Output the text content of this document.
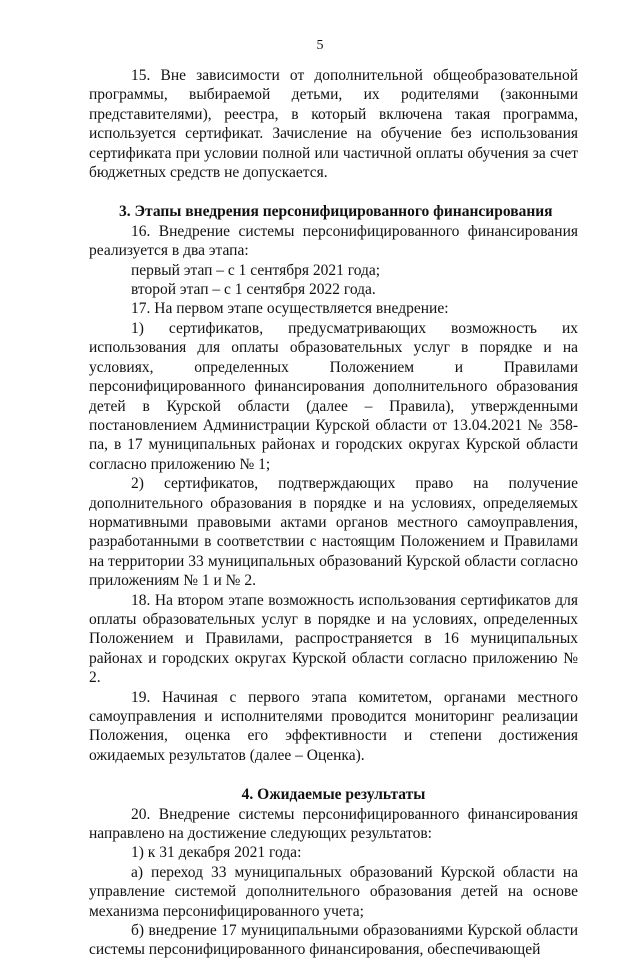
5

15. Вне зависимости от дополнительной общеобразовательной программы, выбираемой детьми, их родителями (законными представителями), реестра, в который включена такая программа, используется сертификат. Зачисление на обучение без использования сертификата при условии полной или частичной оплаты обучения за счет бюджетных средств не допускается.

3. Этапы внедрения персонифицированного финансирования

16. Внедрение системы персонифицированного финансирования реализуется в два этапа:

первый этап – с 1 сентября 2021 года;

второй этап – с 1 сентября 2022 года.

17. На первом этапе осуществляется внедрение:

1) сертификатов, предусматривающих возможность их использования для оплаты образовательных услуг в порядке и на условиях, определенных Положением и Правилами персонифицированного финансирования дополнительного образования детей в Курской области (далее – Правила), утвержденными постановлением Администрации Курской области от 13.04.2021 № 358-па, в 17 муниципальных районах и городских округах Курской области согласно приложению № 1;

2) сертификатов, подтверждающих право на получение дополнительного образования в порядке и на условиях, определяемых нормативными правовыми актами органов местного самоуправления, разработанными в соответствии с настоящим Положением и Правилами на территории 33 муниципальных образований Курской области согласно приложениям № 1 и № 2.

18. На втором этапе возможность использования сертификатов для оплаты образовательных услуг в порядке и на условиях, определенных Положением и Правилами, распространяется в 16 муниципальных районах и городских округах Курской области согласно приложению № 2.

19. Начиная с первого этапа комитетом, органами местного самоуправления и исполнителями проводится мониторинг реализации Положения, оценка его эффективности и степени достижения ожидаемых результатов (далее – Оценка).

4. Ожидаемые результаты

20. Внедрение системы персонифицированного финансирования направлено на достижение следующих результатов:

1) к 31 декабря 2021 года:

а) переход 33 муниципальных образований Курской области на управление системой дополнительного образования детей на основе механизма персонифицированного учета;

б) внедрение 17 муниципальными образованиями Курской области системы персонифицированного финансирования, обеспечивающей
